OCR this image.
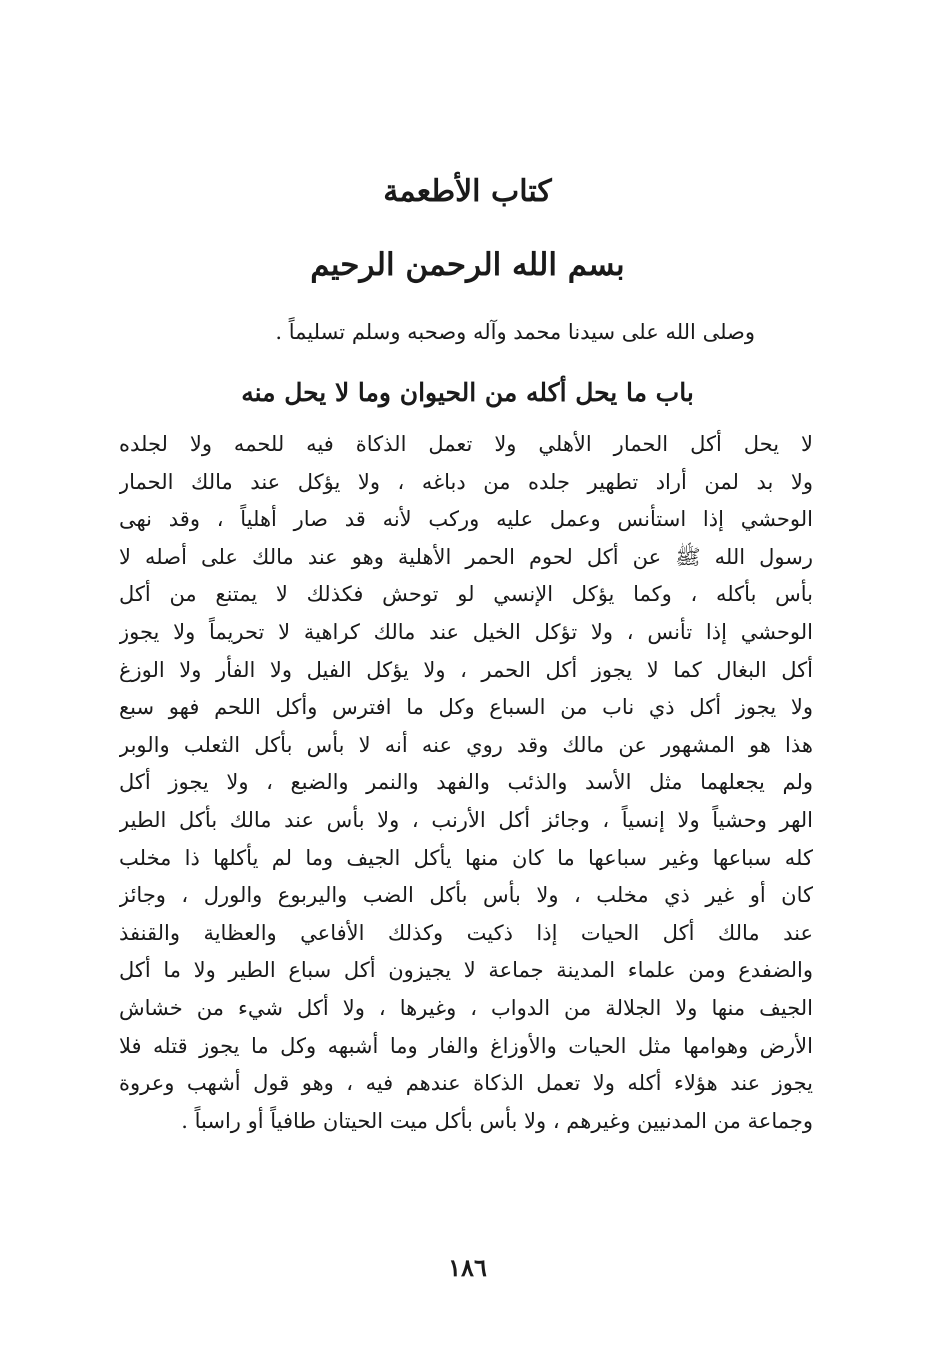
كتاب الأطعمة
بسم الله الرحمن الرحيم

وصلى الله على سيدنا محمد وآله وصحبه وسلم تسليماً .

باب ما يحل أكله من الحيوان وما لا يحل منه
لا يحل أكل الحمار الأهلي ولا تعمل الذكاة فيه للحمه ولا لجلده
ولا بد لمن أراد تطهير جلده من دباغه ، ولا يؤكل عند مالك الحمار
الوحشي إذا استأنس وعمل عليه وركب لأنه قد صار أهلياً ، وقد نهى
رسول الله ﷺ عن أكل لحوم الحمر الأهلية وهو عند مالك على أصله لا
بأس بأكله ، وكما يؤكل الإنسي لو توحش فكذلك لا يمتنع من أكل
الوحشي إذا تأنس ، ولا تؤكل الخيل عند مالك كراهية لا تحريماً ولا يجوز
أكل البغال كما لا يجوز أكل الحمر ، ولا يؤكل الفيل ولا الفأر ولا الوزغ
ولا يجوز أكل ذي ناب من السباع وكل ما افترس وأكل اللحم فهو سبع
هذا هو المشهور عن مالك وقد روي عنه أنه لا بأس بأكل الثعلب والوبر
ولم يجعلهما مثل الأسد والذئب والفهد والنمر والضبع ، ولا يجوز أكل
الهر وحشياً ولا إنسياً ، وجائز أكل الأرنب ، ولا بأس عند مالك بأكل الطير
كله سباعها وغير سباعها ما كان منها يأكل الجيف وما لم يأكلها ذا مخلب
كان أو غير ذي مخلب ، ولا بأس بأكل الضب واليربوع والورل ، وجائز
عند مالك أكل الحيات إذا ذكيت وكذلك الأفاعي والعظاية والقنفذ
والضفدع ومن علماء المدينة جماعة لا يجيزون أكل سباع الطير ولا ما أكل
الجيف منها ولا الجلالة من الدواب ، وغيرها ، ولا أكل شيء من خشاش
الأرض وهوامها مثل الحيات والأوزاغ والفار وما أشبهه وكل ما يجوز قتله فلا
يجوز عند هؤلاء أكله ولا تعمل الذكاة عندهم فيه ، وهو قول أشهب وعروة
وجماعة من المدنيين وغيرهم ، ولا بأس بأكل ميت الحيتان طافياً أو راسباً .
١٨٦
